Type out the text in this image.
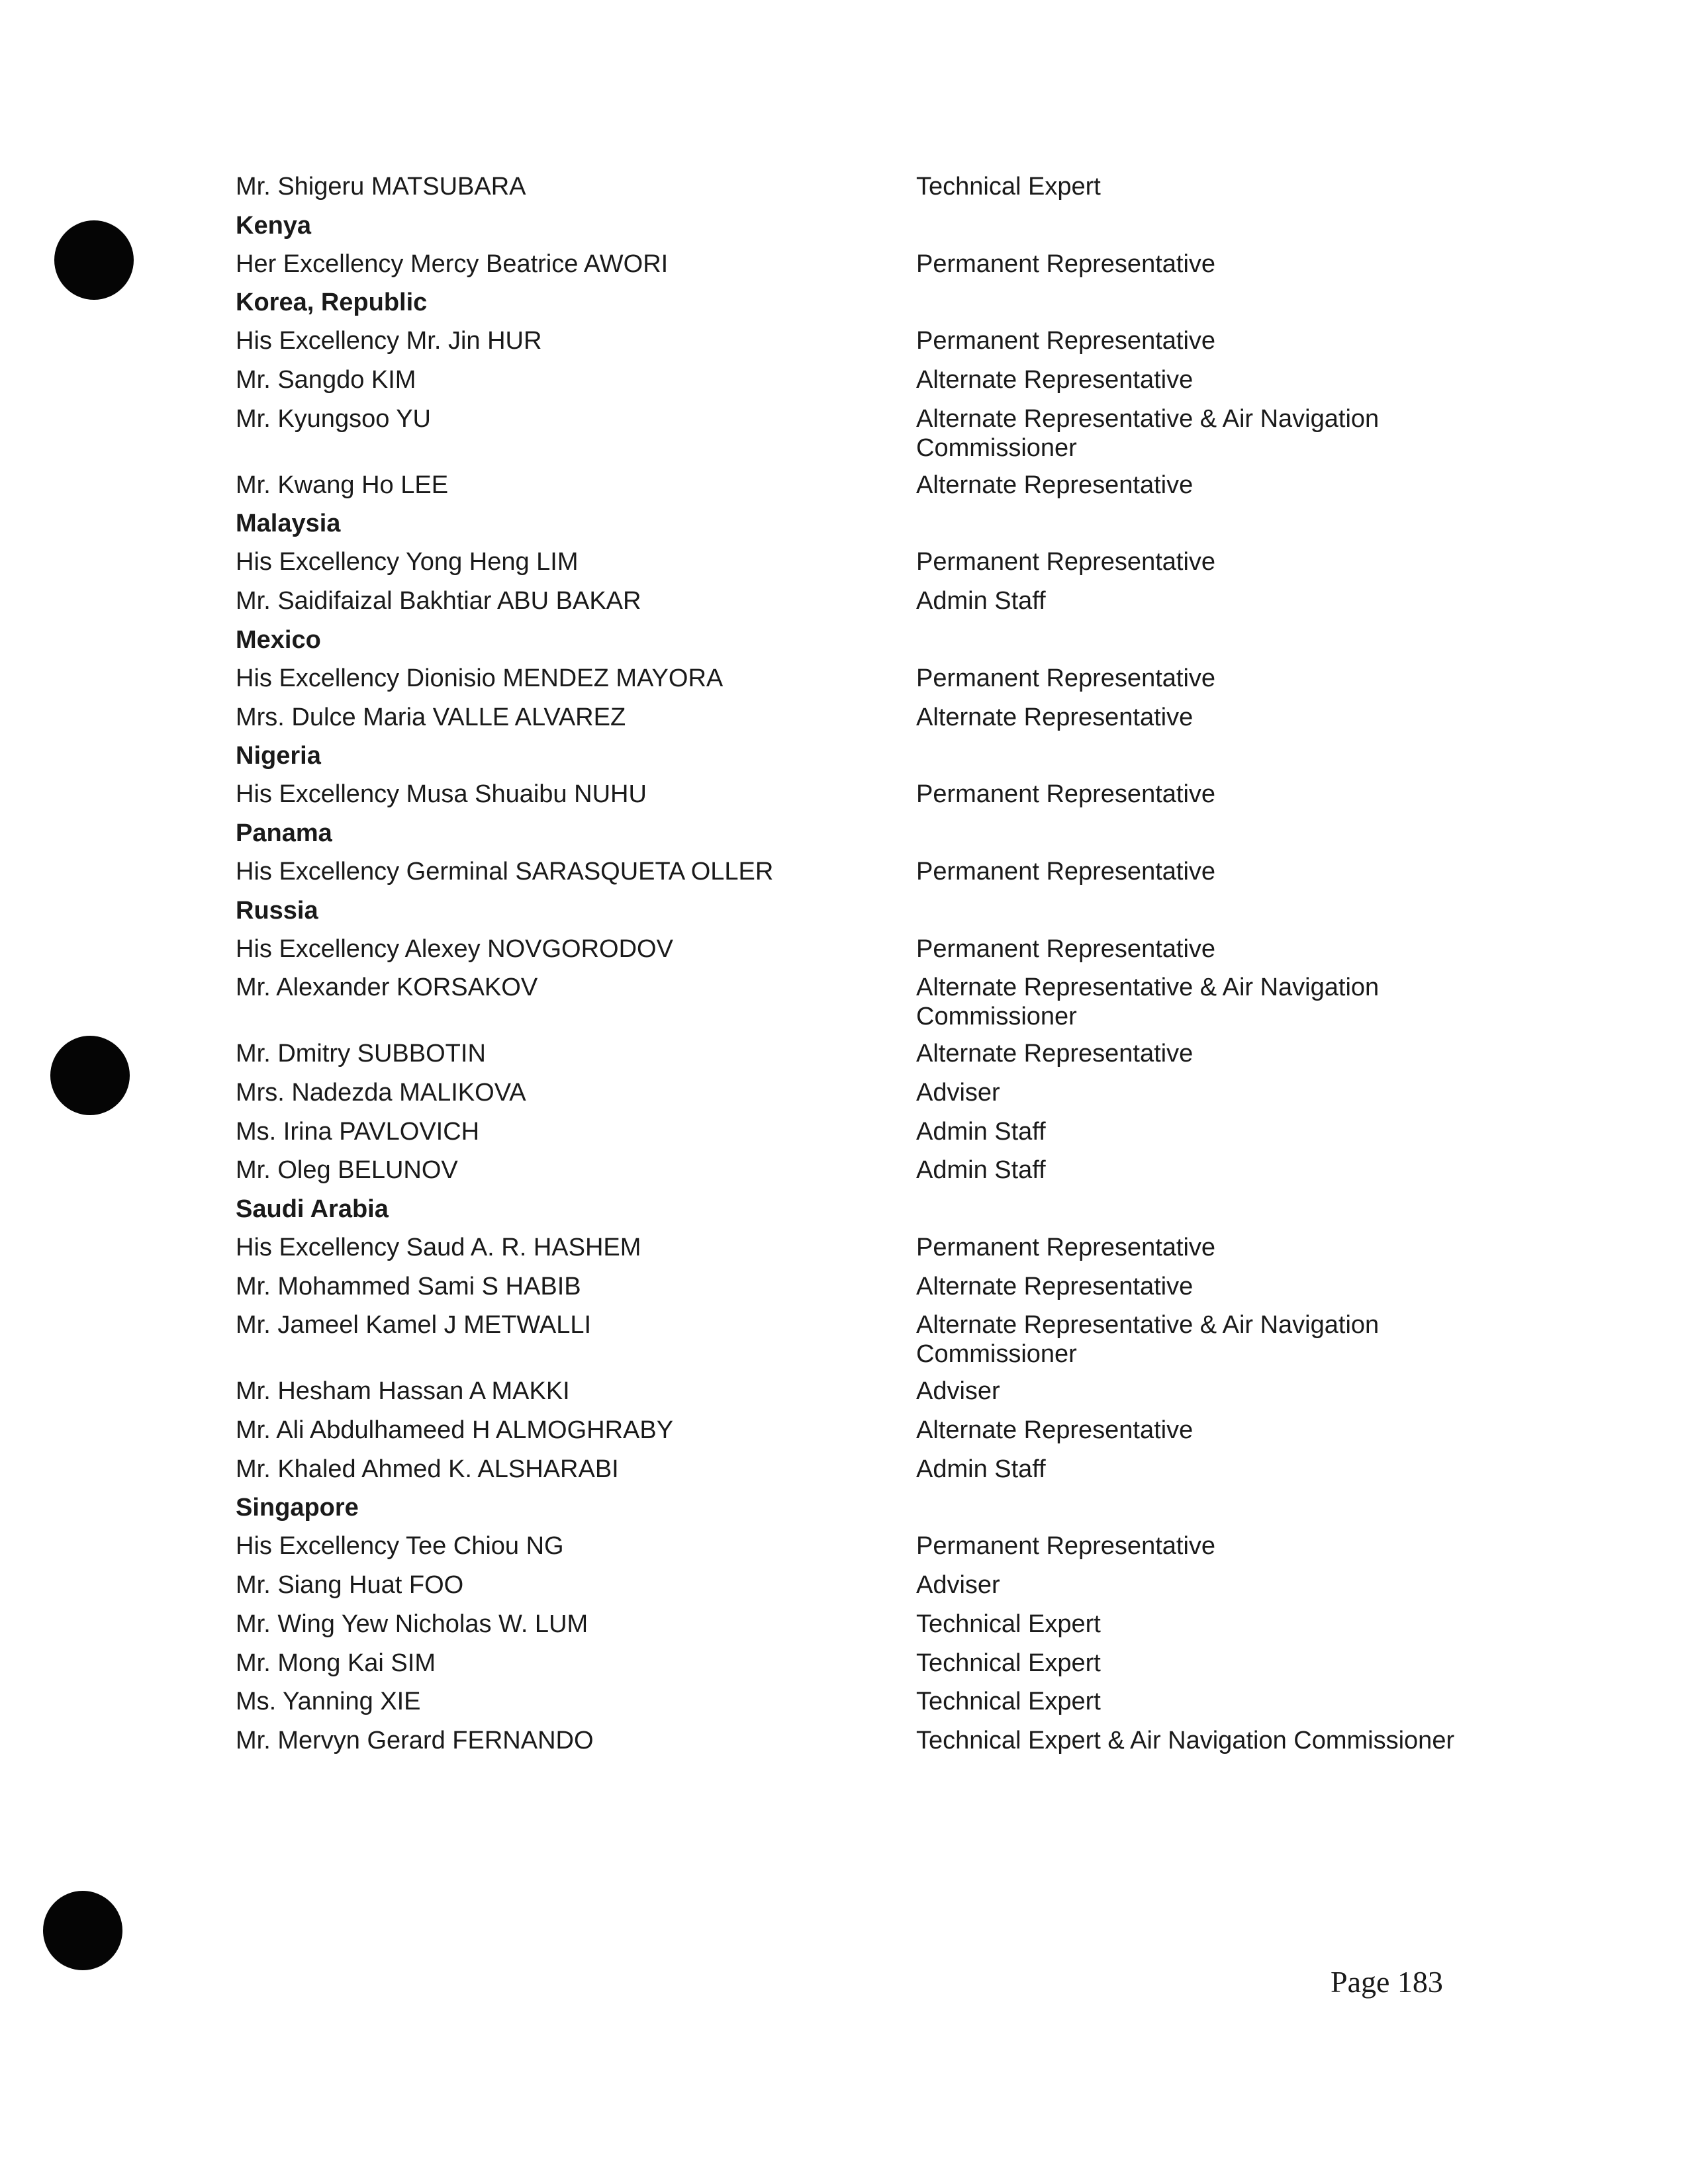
Mr. Shigeru MATSUBARA	Technical Expert
Kenya
Her Excellency Mercy Beatrice AWORI	Permanent Representative
Korea, Republic
His Excellency Mr. Jin HUR	Permanent Representative
Mr. Sangdo KIM	Alternate Representative
Mr. Kyungsoo YU	Alternate Representative & Air Navigation Commissioner
Mr. Kwang Ho LEE	Alternate Representative
Malaysia
His Excellency Yong Heng LIM	Permanent Representative
Mr. Saidifaizal Bakhtiar ABU BAKAR	Admin Staff
Mexico
His Excellency Dionisio MENDEZ MAYORA	Permanent Representative
Mrs. Dulce Maria VALLE ALVAREZ	Alternate Representative
Nigeria
His Excellency Musa Shuaibu NUHU	Permanent Representative
Panama
His Excellency Germinal SARASQUETA OLLER	Permanent Representative
Russia
His Excellency Alexey NOVGORODOV	Permanent Representative
Mr. Alexander KORSAKOV	Alternate Representative & Air Navigation Commissioner
Mr. Dmitry SUBBOTIN	Alternate Representative
Mrs. Nadezda MALIKOVA	Adviser
Ms. Irina PAVLOVICH	Admin Staff
Mr. Oleg BELUNOV	Admin Staff
Saudi Arabia
His Excellency Saud A. R. HASHEM	Permanent Representative
Mr. Mohammed Sami S HABIB	Alternate Representative
Mr. Jameel Kamel J METWALLI	Alternate Representative & Air Navigation Commissioner
Mr. Hesham Hassan A MAKKI	Adviser
Mr. Ali Abdulhameed H ALMOGHRABY	Alternate Representative
Mr. Khaled Ahmed K. ALSHARABI	Admin Staff
Singapore
His Excellency Tee Chiou NG	Permanent Representative
Mr. Siang Huat FOO	Adviser
Mr. Wing Yew Nicholas W. LUM	Technical Expert
Mr. Mong Kai SIM	Technical Expert
Ms. Yanning XIE	Technical Expert
Mr. Mervyn Gerard FERNANDO	Technical Expert & Air Navigation Commissioner
Page 183
